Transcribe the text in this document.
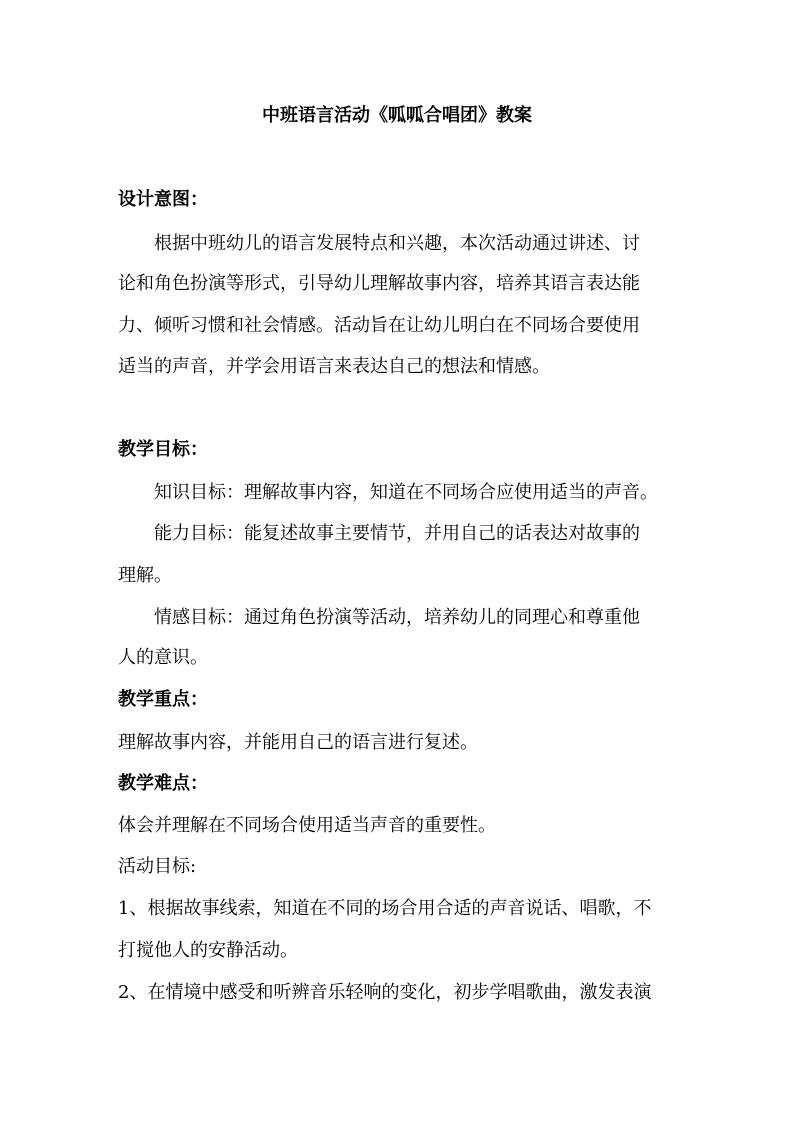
中班语言活动《呱呱合唱团》教案
设计意图：
根据中班幼儿的语言发展特点和兴趣，本次活动通过讲述、讨
论和角色扮演等形式，引导幼儿理解故事内容，培养其语言表达能
力、倾听习惯和社会情感。活动旨在让幼儿明白在不同场合要使用
适当的声音，并学会用语言来表达自己的想法和情感。
教学目标：
知识目标：理解故事内容，知道在不同场合应使用适当的声音。
能力目标：能复述故事主要情节，并用自己的话表达对故事的
理解。
情感目标：通过角色扮演等活动，培养幼儿的同理心和尊重他
人的意识。
教学重点：
理解故事内容，并能用自己的语言进行复述。
教学难点：
体会并理解在不同场合使用适当声音的重要性。
活动目标:
1、根据故事线索，知道在不同的场合用合适的声音说话、唱歌，不
打搅他人的安静活动。
2、在情境中感受和听辨音乐轻响的变化，初步学唱歌曲，激发表演
